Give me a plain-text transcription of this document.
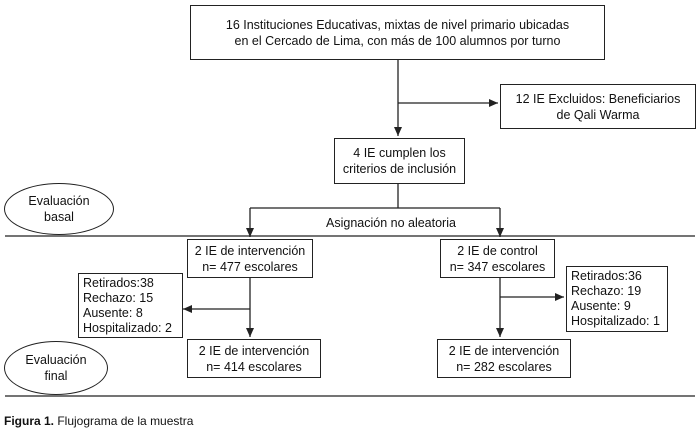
16 Instituciones Educativas, mixtas de nivel primario ubicadas
en el Cercado de Lima, con más de 100 alumnos por turno
12 IE Excluidos: Beneficiarios
de Qali Warma
4 IE cumplen los
criterios de inclusión
Evaluación
basal	Asignación no aleatoria
2 IE de intervención
n= 477 escolares
2 IE de control
n= 347 escolares
Retirados:38
Rechazo: 15
Ausente: 8
Hospitalizado: 2
Retirados:36
Rechazo: 19
Ausente: 9
Hospitalizado: 1
Evaluación
final
2 IE de intervención
n= 414 escolares
2 IE de intervención
n= 282 escolares
Figura 1. Flujograma de la muestra
